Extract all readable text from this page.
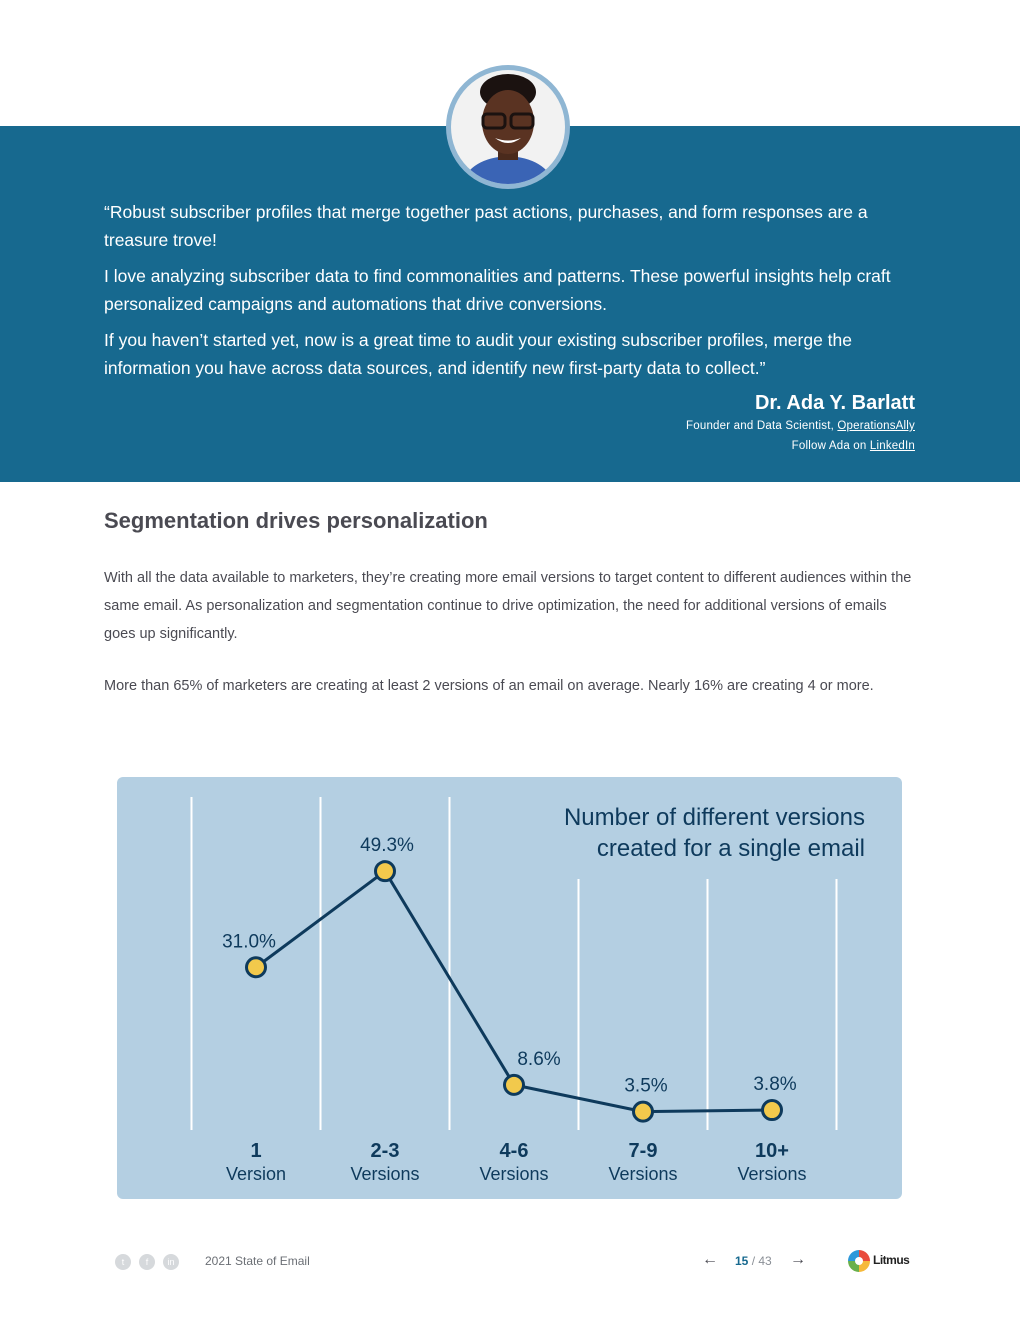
“Robust subscriber profiles that merge together past actions, purchases, and form responses are a treasure trove!

I love analyzing subscriber data to find commonalities and patterns. These powerful insights help craft personalized campaigns and automations that drive conversions.

If you haven’t started yet, now is a great time to audit your existing subscriber profiles, merge the information you have across data sources, and identify new first-party data to collect.”

Dr. Ada Y. Barlatt
Founder and Data Scientist, OperationsAlly
Follow Ada on LinkedIn
Segmentation drives personalization

With all the data available to marketers, they’re creating more email versions to target content to different audiences within the same email. As personalization and segmentation continue to drive optimization, the need for additional versions of emails goes up significantly.

More than 65% of marketers are creating at least 2 versions of an email on average. Nearly 16% are creating 4 or more.

Number of different versions
created for a single email
31.0%
49.3%
8.6%
3.5%	3.8%
1
Version
2-3
Versions
4-6
Versions
7-9
Versions
10+
Versions
t	f	in	2021 State of Email	← 15 / 43 →	Litmus
